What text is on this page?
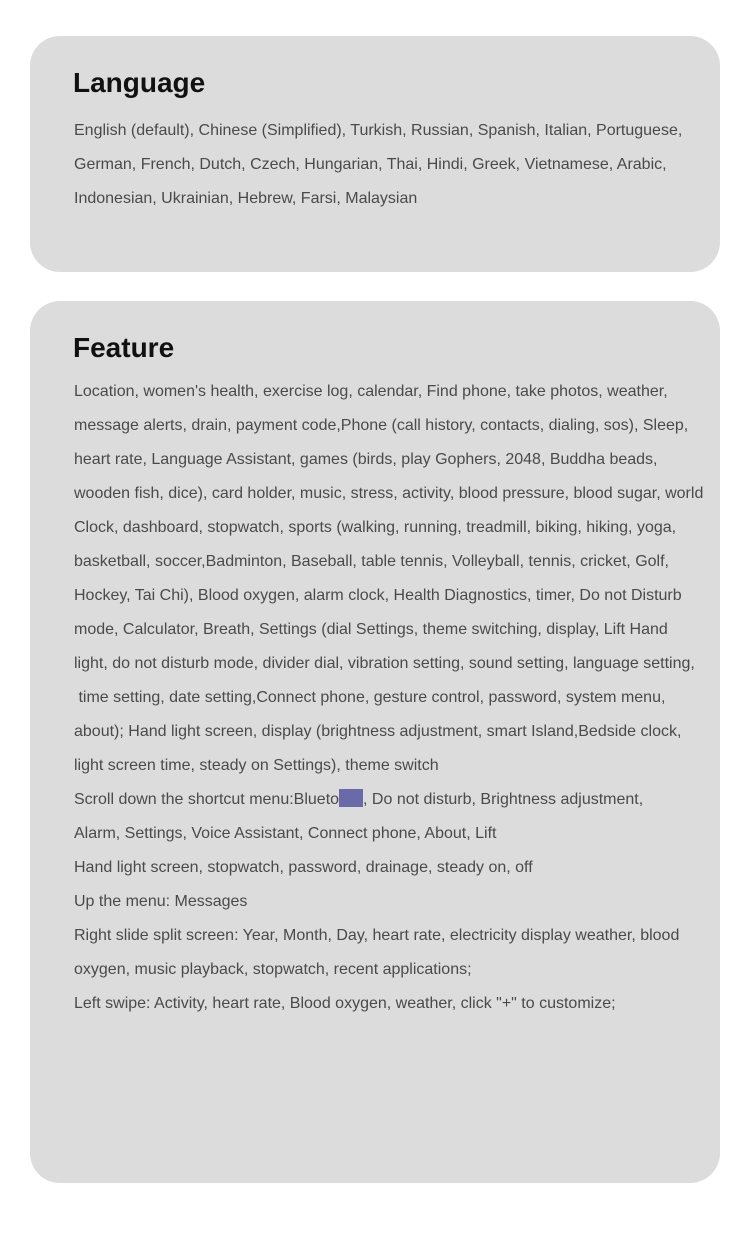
Language
English (default), Chinese (Simplified), Turkish, Russian, Spanish, Italian, Portuguese,
German, French, Dutch, Czech, Hungarian, Thai, Hindi, Greek, Vietnamese, Arabic,
Indonesian, Ukrainian, Hebrew, Farsi, Malaysian
Feature
Location, women's health, exercise log, calendar, Find phone, take photos, weather,
message alerts, drain, payment code,Phone (call history, contacts, dialing, sos), Sleep,
heart rate, Language Assistant, games (birds, play Gophers, 2048, Buddha beads,
wooden fish, dice), card holder, music, stress, activity, blood pressure, blood sugar, world
Clock, dashboard, stopwatch, sports (walking, running, treadmill, biking, hiking, yoga,
basketball, soccer,Badminton, Baseball, table tennis, Volleyball, tennis, cricket, Golf,
Hockey, Tai Chi), Blood oxygen, alarm clock, Health Diagnostics, timer, Do not Disturb
mode, Calculator, Breath, Settings (dial Settings, theme switching, display, Lift Hand
light, do not disturb mode, divider dial, vibration setting, sound setting, language setting,
time setting, date setting,Connect phone, gesture control, password, system menu,
about); Hand light screen, display (brightness adjustment, smart Island,Bedside clock,
light screen time, steady on Settings), theme switch
Scroll down the shortcut menu:Blueto , Do not disturb, Brightness adjustment,
Alarm, Settings, Voice Assistant, Connect phone, About, Lift
Hand light screen, stopwatch, password, drainage, steady on, off
Up the menu: Messages
Right slide split screen: Year, Month, Day, heart rate, electricity display weather, blood
oxygen, music playback, stopwatch, recent applications;
Left swipe: Activity, heart rate, Blood oxygen, weather, click "+" to customize;
